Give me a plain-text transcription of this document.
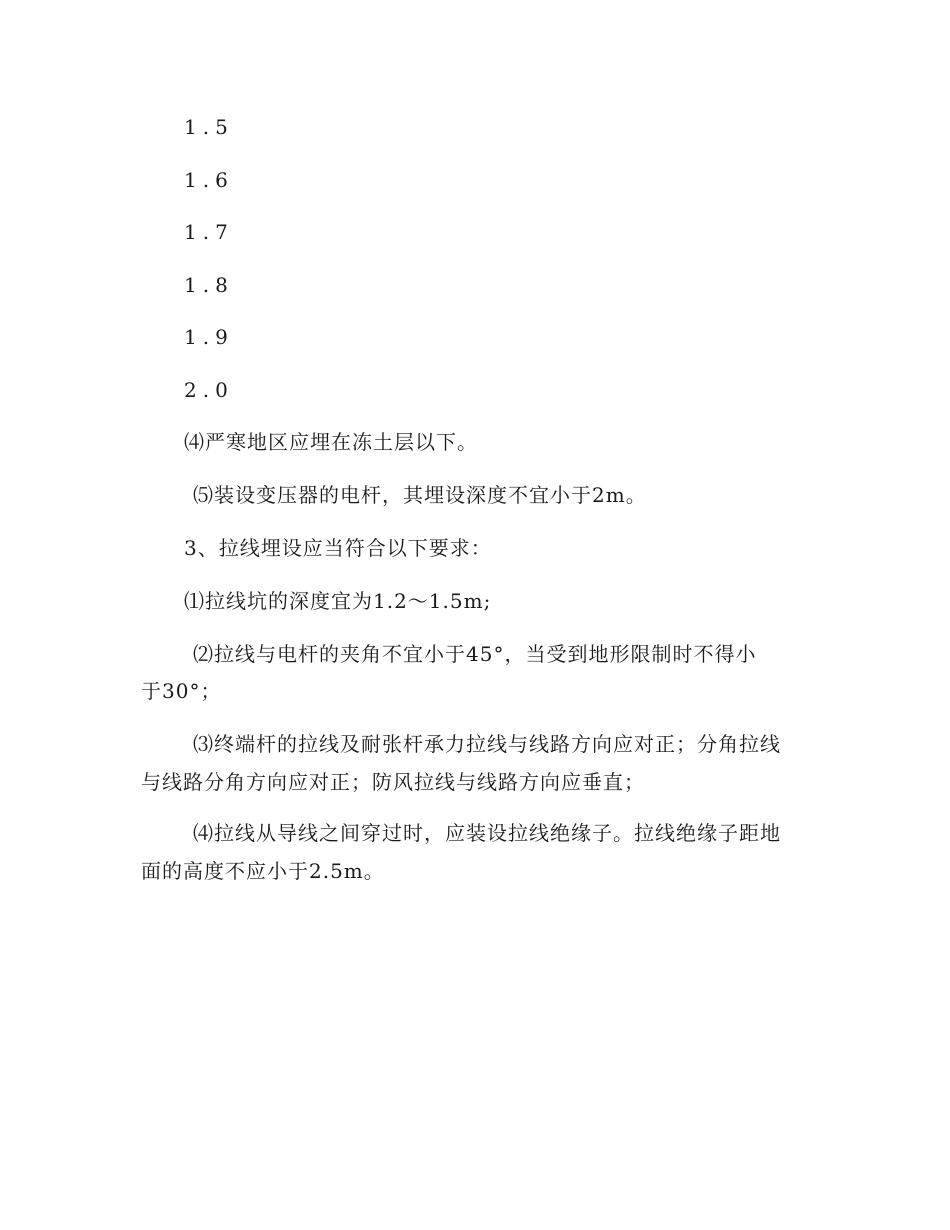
1.5
1.6
1.7
1.8
1.9
2.0
⑷严寒地区应埋在冻土层以下。
⑸装设变压器的电杆，其埋设深度不宜小于2m。
3、拉线埋设应当符合以下要求：
⑴拉线坑的深度宜为1.2～1.5m;
⑵拉线与电杆的夹角不宜小于45°，当受到地形限制时不得小
于30°；
⑶终端杆的拉线及耐张杆承力拉线与线路方向应对正；分角拉线
与线路分角方向应对正；防风拉线与线路方向应垂直；
⑷拉线从导线之间穿过时，应装设拉线绝缘子。拉线绝缘子距地
面的高度不应小于2.5m。
